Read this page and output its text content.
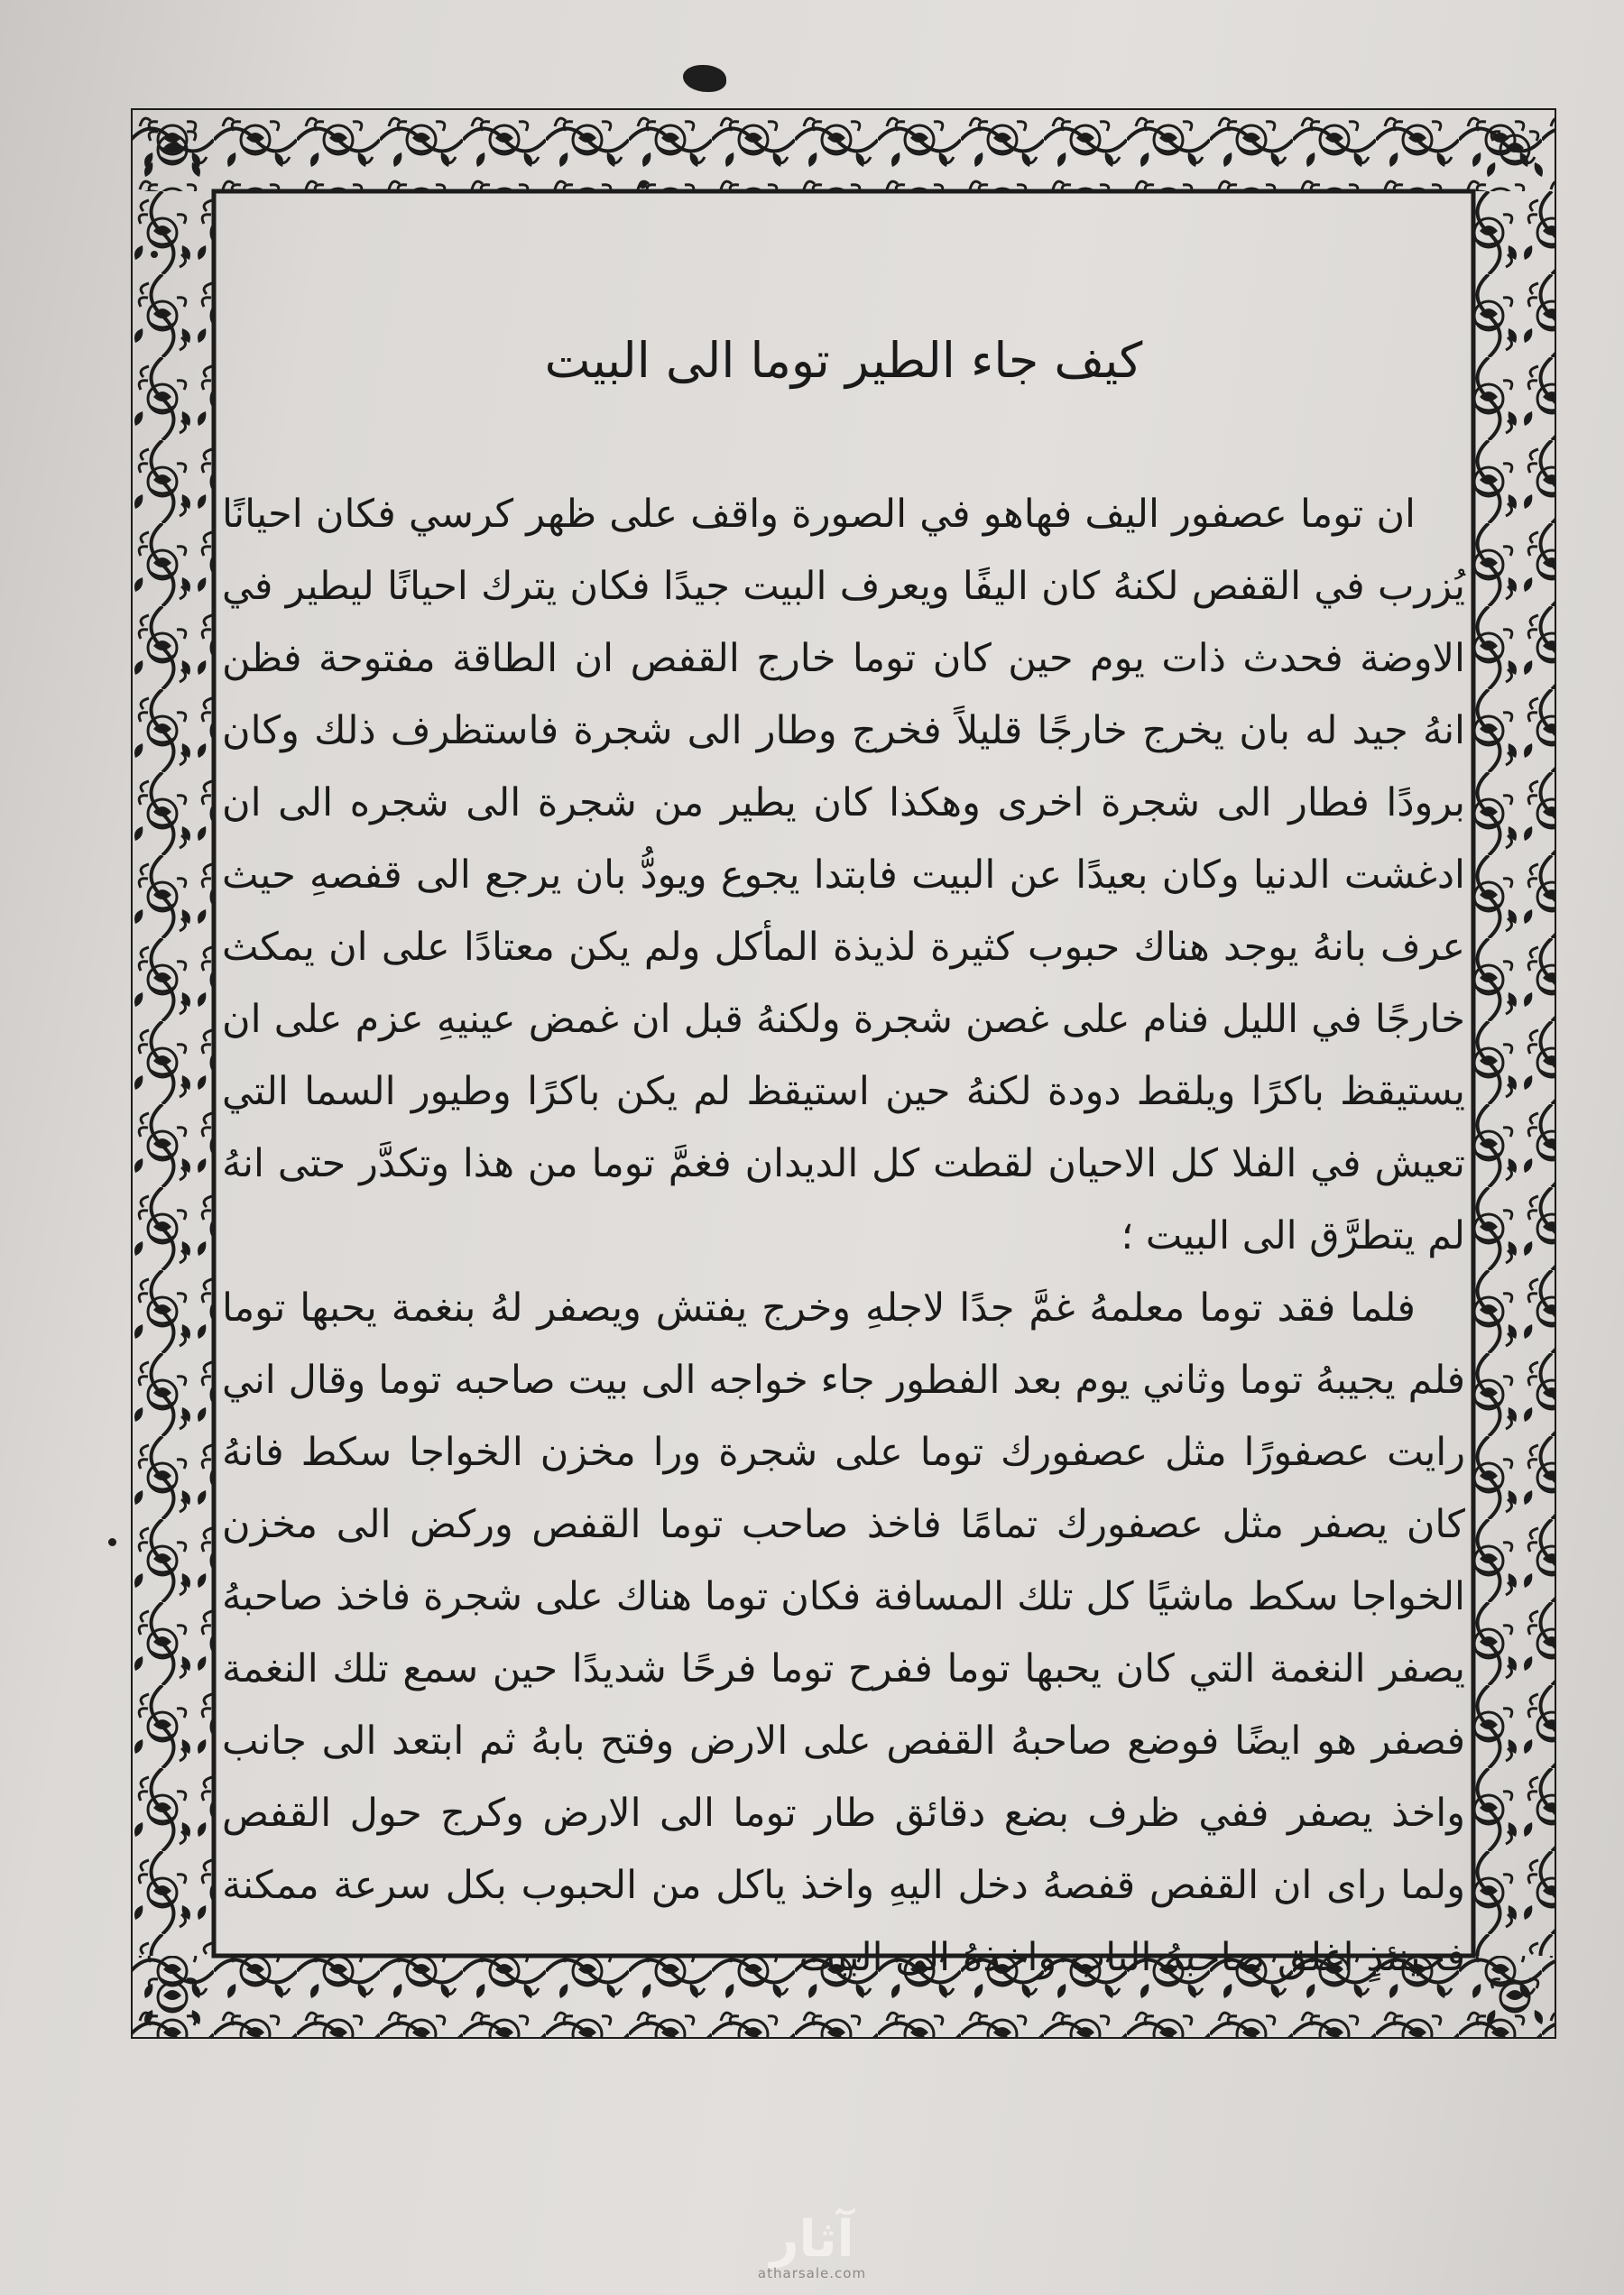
كيف جاء الطير توما الى البيت

ان توما عصفور اليف فهاهو في الصورة واقف على ظهر كرسي فكان احيانًا يُزرب في القفص لكنهُ كان اليفًا ويعرف البيت جيدًا فكان يترك احيانًا ليطير في الاوضة فحدث ذات يوم حين كان توما خارج القفص ان الطاقة مفتوحة فظن انهُ جيد له بان يخرج خارجًا قليلاً فخرج وطار الى شجرة فاستظرف ذلك وكان برودًا فطار الى شجرة اخرى وهكذا كان يطير من شجرة الى شجره الى ان ادغشت الدنيا وكان بعيدًا عن البيت فابتدا يجوع ويودُّ بان يرجع الى قفصهِ حيث عرف بانهُ يوجد هناك حبوب كثيرة لذيذة المأكل ولم يكن معتادًا على ان يمكث خارجًا في الليل فنام على غصن شجرة ولكنهُ قبل ان غمض عينيهِ عزم على ان يستيقظ باكرًا ويلقط دودة لكنهُ حين استيقظ لم يكن باكرًا وطيور السما التي تعيش في الفلا كل الاحيان لقطت كل الديدان فغمَّ توما من هذا وتكدَّر حتى انهُ لم يتطرَّق الى البيت ؛

فلما فقد توما معلمهُ غمَّ جدًا لاجلهِ وخرج يفتش ويصفر لهُ بنغمة يحبها توما فلم يجيبهُ توما وثاني يوم بعد الفطور جاء خواجه الى بيت صاحبه توما وقال اني رايت عصفورًا مثل عصفورك توما على شجرة ورا مخزن الخواجا سكط فانهُ كان يصفر مثل عصفورك تمامًا فاخذ صاحب توما القفص وركض الى مخزن الخواجا سكط ماشيًا كل تلك المسافة فكان توما هناك على شجرة فاخذ صاحبهُ يصفر النغمة التي كان يحبها توما ففرح توما فرحًا شديدًا حين سمع تلك النغمة فصفر هو ايضًا فوضع صاحبهُ القفص على الارض وفتح بابهُ ثم ابتعد الى جانب واخذ يصفر ففي ظرف بضع دقائق طار توما الى الارض وكرج حول القفص ولما راى ان القفص قفصهُ دخل اليهِ واخذ ياكل من الحبوب بكل سرعة ممكنة فحينئذٍ اغلق صاحبهُ الباب واخذهُ الى البيت

آثار
atharsale.com
